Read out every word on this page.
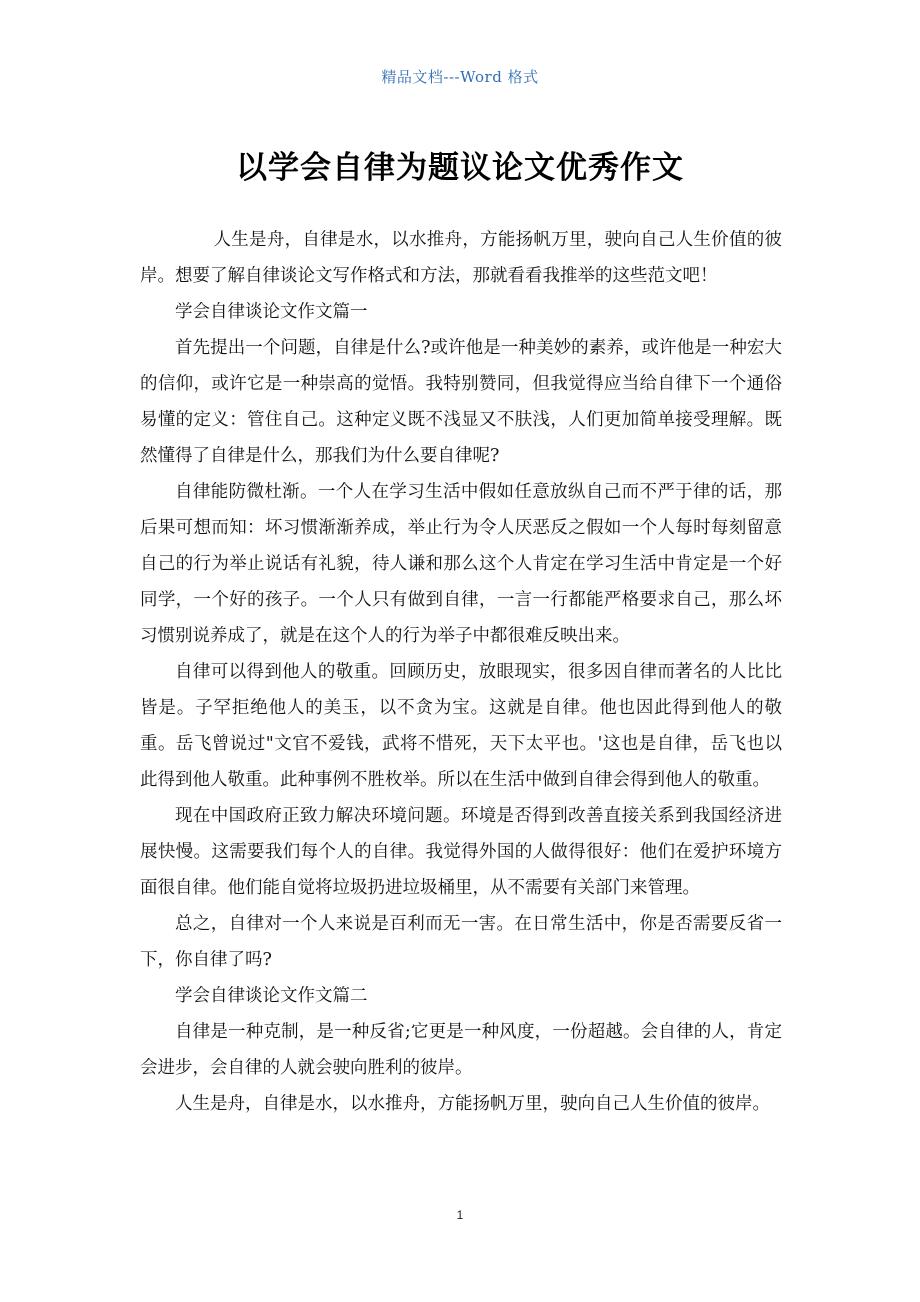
精品文档---Word 格式
以学会自律为题议论文优秀作文

人生是舟，自律是水，以水推舟，方能扬帆万里，驶向自己人生价值的彼岸。想要了解自律谈论文写作格式和方法，那就看看我推举的这些范文吧！

学会自律谈论文作文篇一

首先提出一个问题，自律是什么?或许他是一种美妙的素养，或许他是一种宏大的信仰，或许它是一种崇高的觉悟。我特别赞同，但我觉得应当给自律下一个通俗易懂的定义：管住自己。这种定义既不浅显又不肤浅，人们更加简单接受理解。既然懂得了自律是什么，那我们为什么要自律呢?

自律能防微杜渐。一个人在学习生活中假如任意放纵自己而不严于律的话，那后果可想而知：坏习惯渐渐养成，举止行为令人厌恶反之假如一个人每时每刻留意自己的行为举止说话有礼貌，待人谦和那么这个人肯定在学习生活中肯定是一个好同学，一个好的孩子。一个人只有做到自律，一言一行都能严格要求自己，那么坏习惯别说养成了，就是在这个人的行为举子中都很难反映出来。

自律可以得到他人的敬重。回顾历史，放眼现实，很多因自律而著名的人比比皆是。子罕拒绝他人的美玉，以不贪为宝。这就是自律。他也因此得到他人的敬重。岳飞曾说过"文官不爱钱，武将不惜死，天下太平也。'这也是自律，岳飞也以此得到他人敬重。此种事例不胜枚举。所以在生活中做到自律会得到他人的敬重。

现在中国政府正致力解决环境问题。环境是否得到改善直接关系到我国经济进展快慢。这需要我们每个人的自律。我觉得外国的人做得很好：他们在爱护环境方面很自律。他们能自觉将垃圾扔进垃圾桶里，从不需要有关部门来管理。

总之，自律对一个人来说是百利而无一害。在日常生活中，你是否需要反省一下，你自律了吗?

学会自律谈论文作文篇二

自律是一种克制，是一种反省;它更是一种风度，一份超越。会自律的人，肯定会进步，会自律的人就会驶向胜利的彼岸。

人生是舟，自律是水，以水推舟，方能扬帆万里，驶向自己人生价值的彼岸。

1
